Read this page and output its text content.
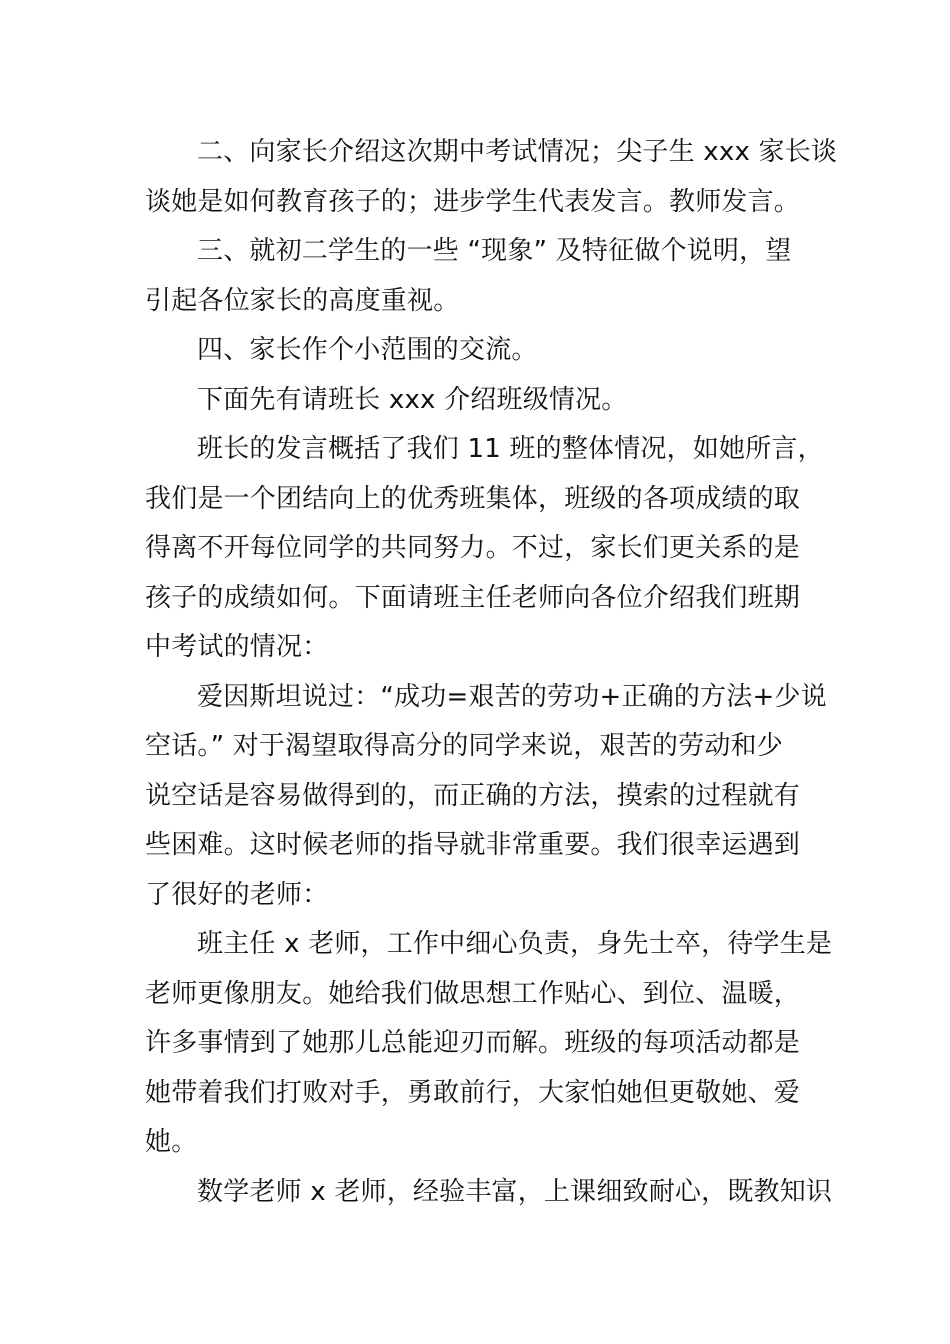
二、向家长介绍这次期中考试情况；尖子生 xxx 家长谈
谈她是如何教育孩子的；进步学生代表发言。教师发言。
三、就初二学生的一些 “现象” 及特征做个说明，望
引起各位家长的高度重视。
四、家长作个小范围的交流。
下面先有请班长 xxx 介绍班级情况。
班长的发言概括了我们 11 班的整体情况，如她所言，
我们是一个团结向上的优秀班集体，班级的各项成绩的取
得离不开每位同学的共同努力。不过，家长们更关系的是
孩子的成绩如何。下面请班主任老师向各位介绍我们班期
中考试的情况：
爱因斯坦说过：“成功=艰苦的劳功+正确的方法+少说
空话。” 对于渴望取得高分的同学来说，艰苦的劳动和少
说空话是容易做得到的，而正确的方法，摸索的过程就有
些困难。这时候老师的指导就非常重要。我们很幸运遇到
了很好的老师：
班主任 x 老师，工作中细心负责，身先士卒，待学生是
老师更像朋友。她给我们做思想工作贴心、到位、温暖，
许多事情到了她那儿总能迎刃而解。班级的每项活动都是
她带着我们打败对手，勇敢前行，大家怕她但更敬她、爱
她。
数学老师 x 老师，经验丰富，上课细致耐心，既教知识
